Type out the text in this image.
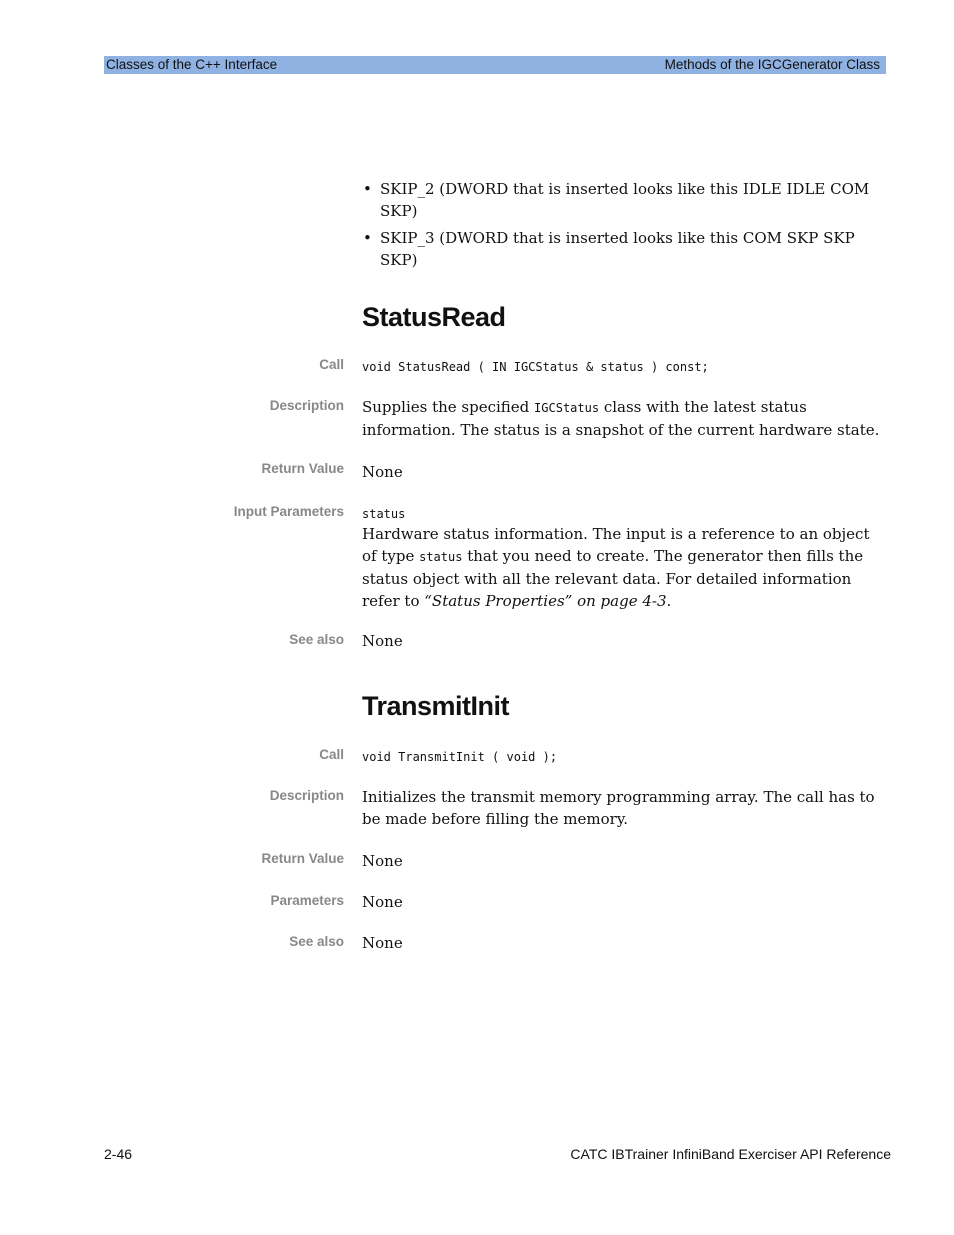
Classes of the C++ Interface	Methods of the IGCGenerator Class
• SKIP_2 (DWORD that is inserted looks like this IDLE IDLE COM SKP)
• SKIP_3 (DWORD that is inserted looks like this COM SKP SKP SKP)
StatusRead
Call void StatusRead ( IN IGCStatus & status ) const;
Description Supplies the specified IGCStatus class with the latest status information. The status is a snapshot of the current hardware state.
Return Value None
Input Parameters status
Hardware status information. The input is a reference to an object of type status that you need to create. The generator then fills the status object with all the relevant data. For detailed information refer to “Status Properties” on page 4-3.
See also None
TransmitInit
Call void TransmitInit ( void );
Description Initializes the transmit memory programming array. The call has to be made before filling the memory.
Return Value None
Parameters None
See also None
2-46	CATC IBTrainer InfiniBand Exerciser API Reference
